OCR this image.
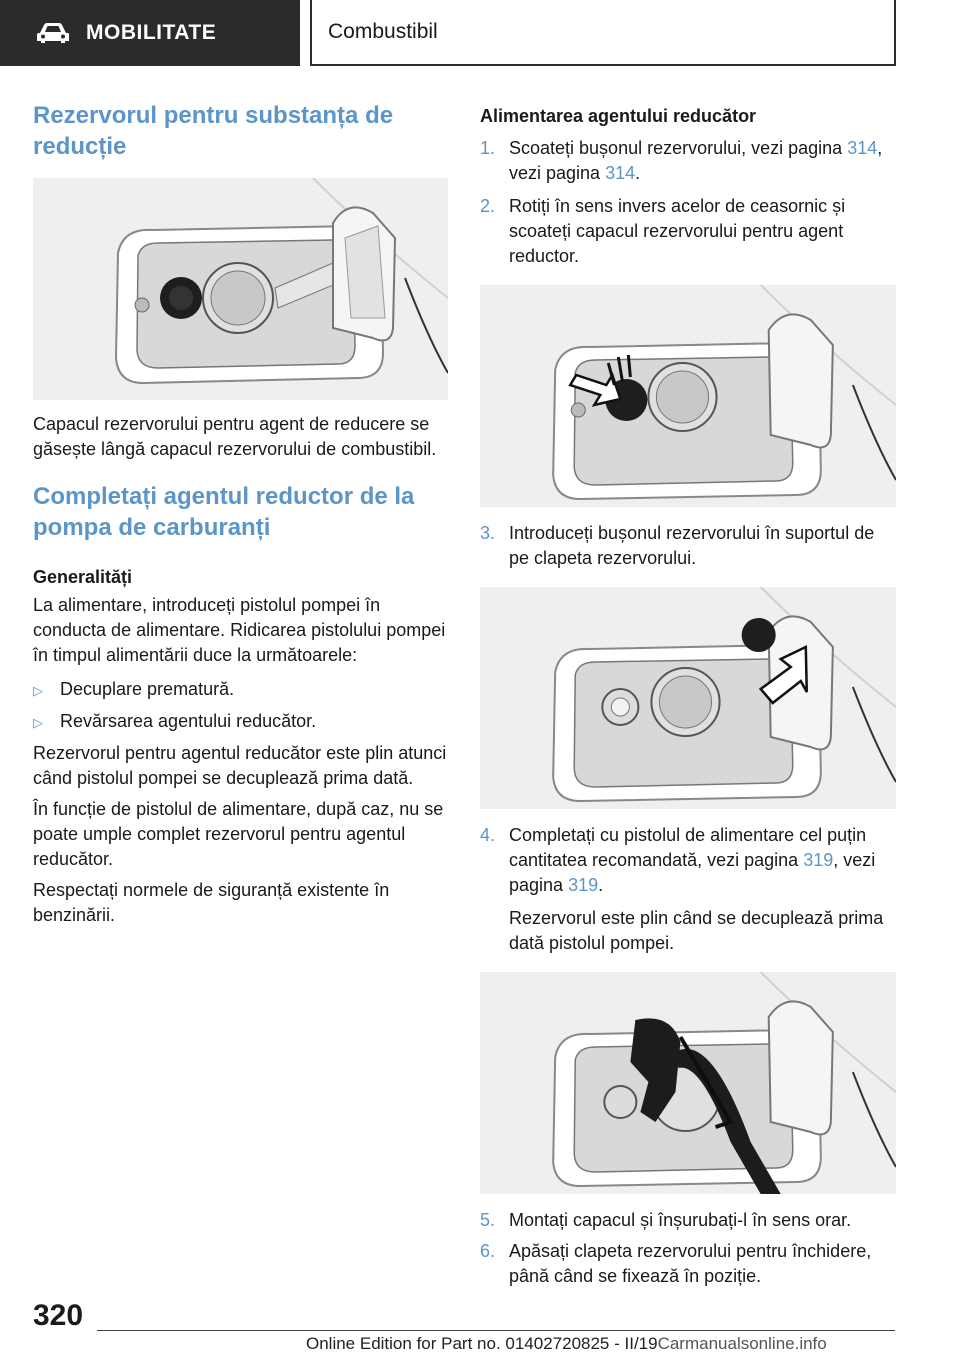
MOBILITATE	Combustibil
Rezervorul pentru substanța de reducție

Capacul rezervorului pentru agent de reducere se găsește lângă capacul rezervorului de combustibil.

Completați agentul reductor de la pompa de carburanți
Generalități

La alimentare, introduceți pistolul pompei în conducta de alimentare. Ridicarea pistolului pompei în timpul alimentării duce la următoarele:

▷ Decuplare prematură.
▷ Revărsarea agentului reducător.

Rezervorul pentru agentul reducător este plin atunci când pistolul pompei se decuplează prima dată.

În funcție de pistolul de alimentare, după caz, nu se poate umple complet rezervorul pentru agentul reducător.

Respectați normele de siguranță existente în benzinării.

Alimentarea agentului reducător
1. Scoateți bușonul rezervorului, vezi pagina 314, vezi pagina 314.
2. Rotiți în sens invers acelor de ceasornic și scoateți capacul rezervorului pentru agent reductor.
3. Introduceți bușonul rezervorului în suportul de pe clapeta rezervorului.
4. Completați cu pistolul de alimentare cel puțin cantitatea recomandată, vezi pagina 319, vezi pagina 319.

Rezervorul este plin când se decuplează prima dată pistolul pompei.

5. Montați capacul și înșurubați-l în sens orar.
6. Apăsați clapeta rezervorului pentru închidere, până când se fixează în poziție.
320
Online Edition for Part no. 01402720825 - II/19Carmanualsonline.info
